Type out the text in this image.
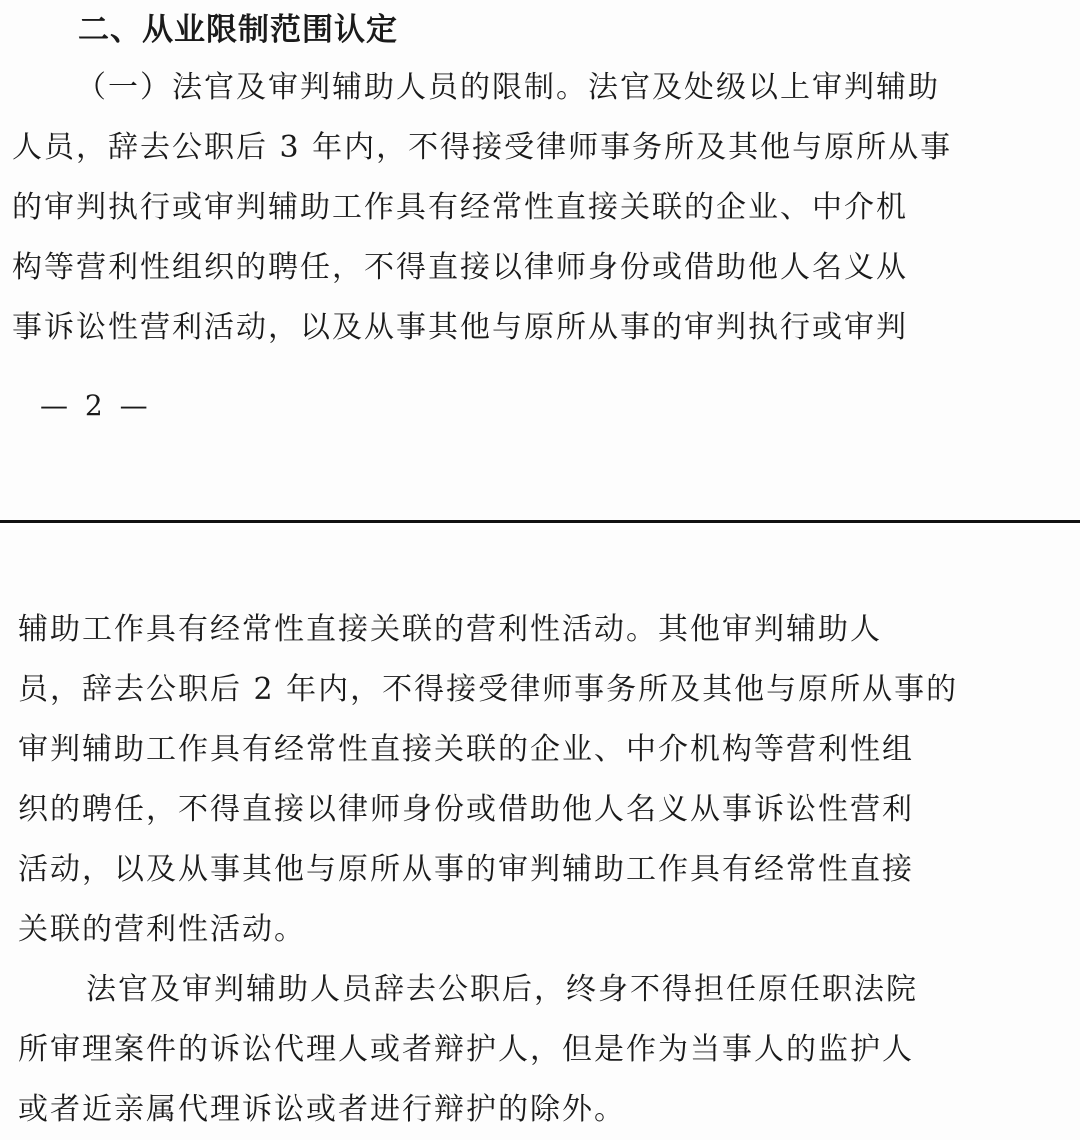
二、从业限制范围认定

（一）法官及审判辅助人员的限制。法官及处级以上审判辅助

人员，辞去公职后 3 年内，不得接受律师事务所及其他与原所从事

的审判执行或审判辅助工作具有经常性直接关联的企业、中介机

构等营利性组织的聘任，不得直接以律师身份或借助他人名义从

事诉讼性营利活动，以及从事其他与原所从事的审判执行或审判

— 2 —

辅助工作具有经常性直接关联的营利性活动。其他审判辅助人

员，辞去公职后 2 年内，不得接受律师事务所及其他与原所从事的

审判辅助工作具有经常性直接关联的企业、中介机构等营利性组

织的聘任，不得直接以律师身份或借助他人名义从事诉讼性营利

活动，以及从事其他与原所从事的审判辅助工作具有经常性直接

关联的营利性活动。

法官及审判辅助人员辞去公职后，终身不得担任原任职法院

所审理案件的诉讼代理人或者辩护人，但是作为当事人的监护人

或者近亲属代理诉讼或者进行辩护的除外。
